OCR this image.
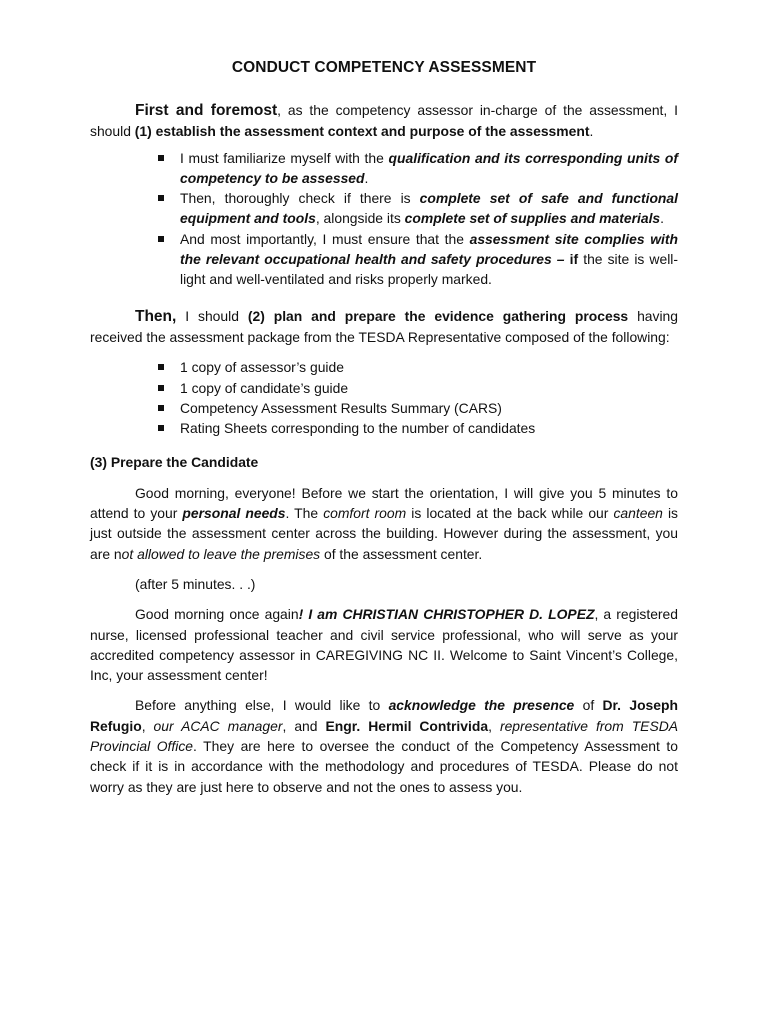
CONDUCT COMPETENCY ASSESSMENT

First and foremost, as the competency assessor in-charge of the assessment, I should (1) establish the assessment context and purpose of the assessment.

I must familiarize myself with the qualification and its corresponding units of competency to be assessed.
Then, thoroughly check if there is complete set of safe and functional equipment and tools, alongside its complete set of supplies and materials.
And most importantly, I must ensure that the assessment site complies with the relevant occupational health and safety procedures – if the site is well-light and well-ventilated and risks properly marked.

Then, I should (2) plan and prepare the evidence gathering process having received the assessment package from the TESDA Representative composed of the following:

1 copy of assessor’s guide
1 copy of candidate’s guide
Competency Assessment Results Summary (CARS)
Rating Sheets corresponding to the number of candidates

(3) Prepare the Candidate

Good morning, everyone! Before we start the orientation, I will give you 5 minutes to attend to your personal needs. The comfort room is located at the back while our canteen is just outside the assessment center across the building. However during the assessment, you are not allowed to leave the premises of the assessment center.

(after 5 minutes. . .)

Good morning once again! I am CHRISTIAN CHRISTOPHER D. LOPEZ, a registered nurse, licensed professional teacher and civil service professional, who will serve as your accredited competency assessor in CAREGIVING NC II. Welcome to Saint Vincent’s College, Inc, your assessment center!

Before anything else, I would like to acknowledge the presence of Dr. Joseph Refugio, our ACAC manager, and Engr. Hermil Contrivida, representative from TESDA Provincial Office. They are here to oversee the conduct of the Competency Assessment to check if it is in accordance with the methodology and procedures of TESDA. Please do not worry as they are just here to observe and not the ones to assess you.
